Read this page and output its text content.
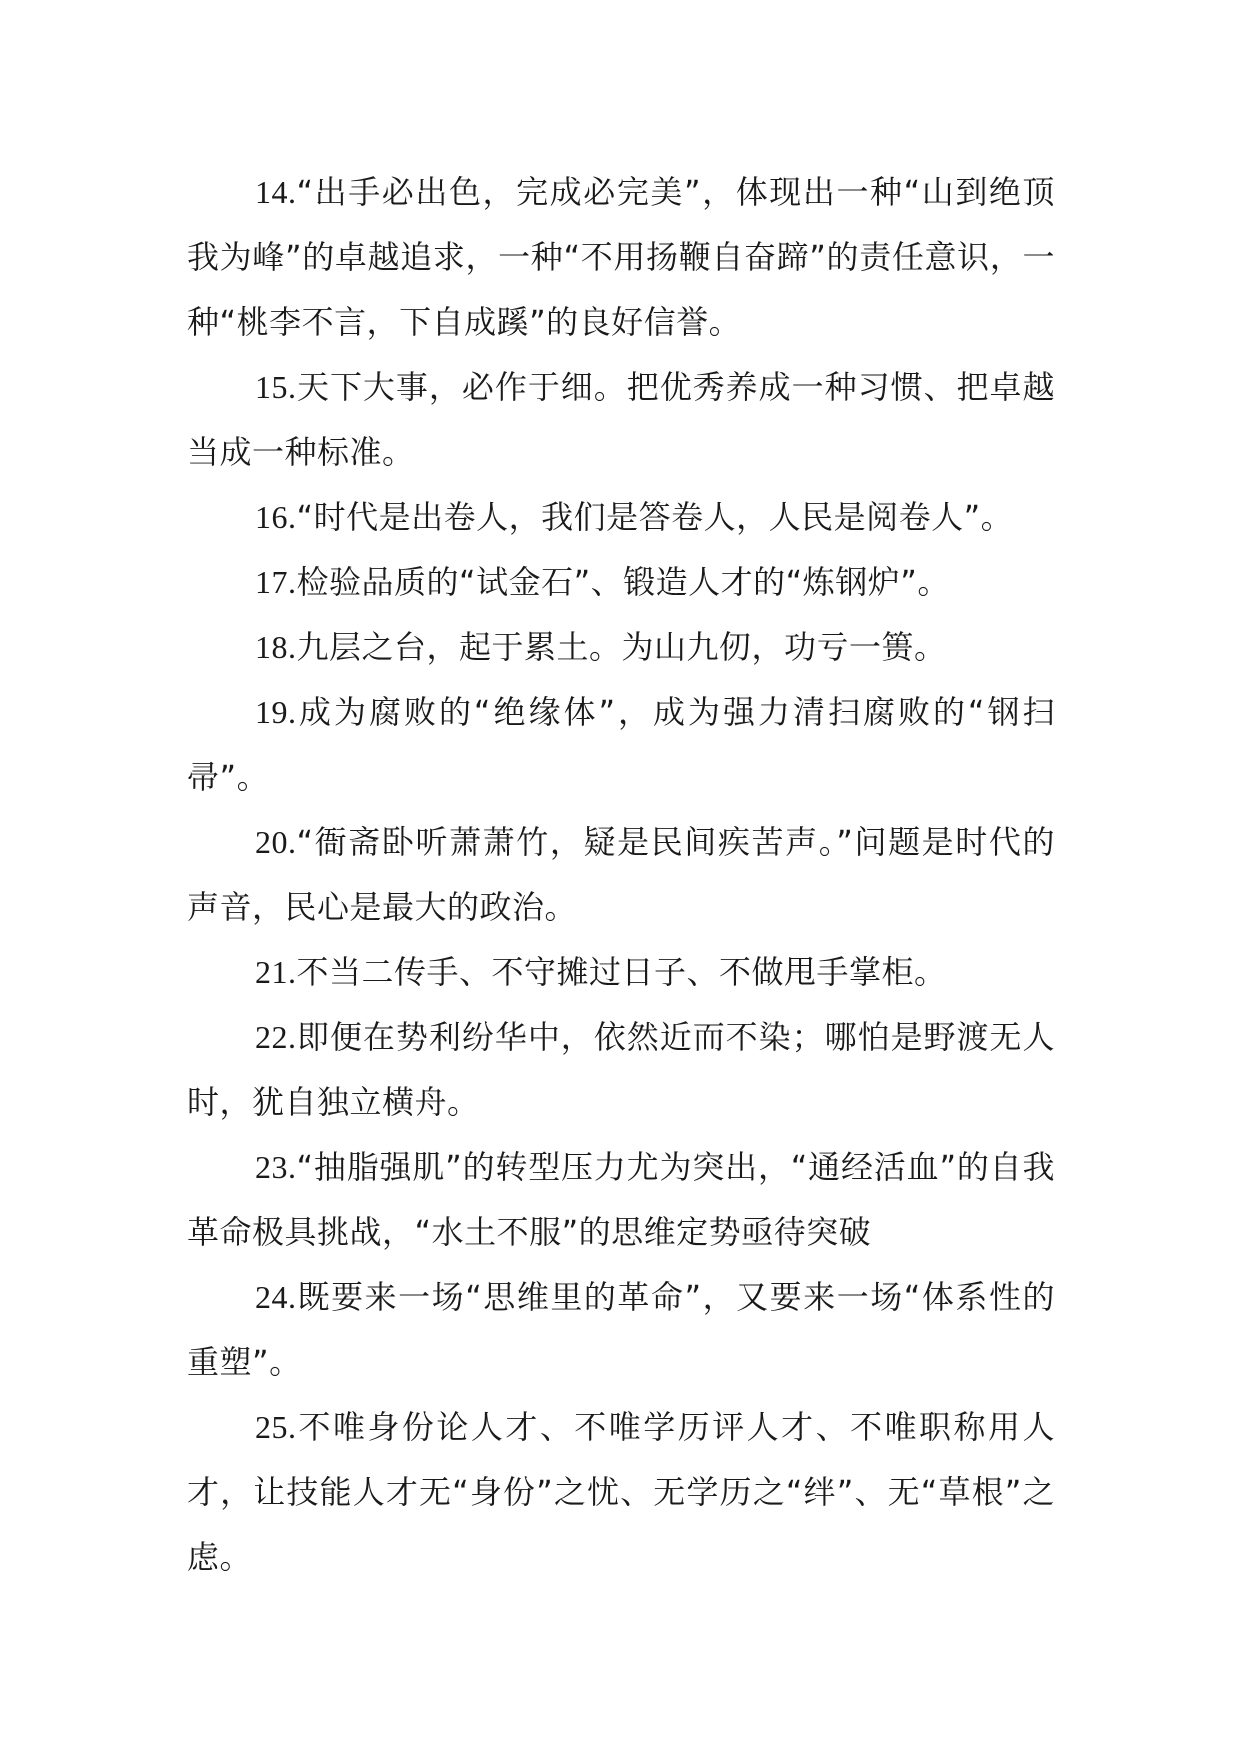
14.“出手必出色，完成必完美”，体现出一种“山到绝顶我为峰”的卓越追求，一种“不用扬鞭自奋蹄”的责任意识，一种“桃李不言，下自成蹊”的良好信誉。

15.天下大事，必作于细。把优秀养成一种习惯、把卓越当成一种标准。

16.“时代是出卷人，我们是答卷人，人民是阅卷人”。

17.检验品质的“试金石”、锻造人才的“炼钢炉”。

18.九层之台，起于累土。为山九仞，功亏一篑。

19.成为腐败的“绝缘体”，成为强力清扫腐败的“钢扫帚”。

20.“衙斋卧听萧萧竹，疑是民间疾苦声。”问题是时代的声音，民心是最大的政治。

21.不当二传手、不守摊过日子、不做甩手掌柜。

22.即便在势利纷华中，依然近而不染；哪怕是野渡无人时，犹自独立横舟。

23.“抽脂强肌”的转型压力尤为突出，“通经活血”的自我革命极具挑战，“水土不服”的思维定势亟待突破

24.既要来一场“思维里的革命”，又要来一场“体系性的重塑”。

25.不唯身份论人才、不唯学历评人才、不唯职称用人才，让技能人才无“身份”之忧、无学历之“绊”、无“草根”之虑。
